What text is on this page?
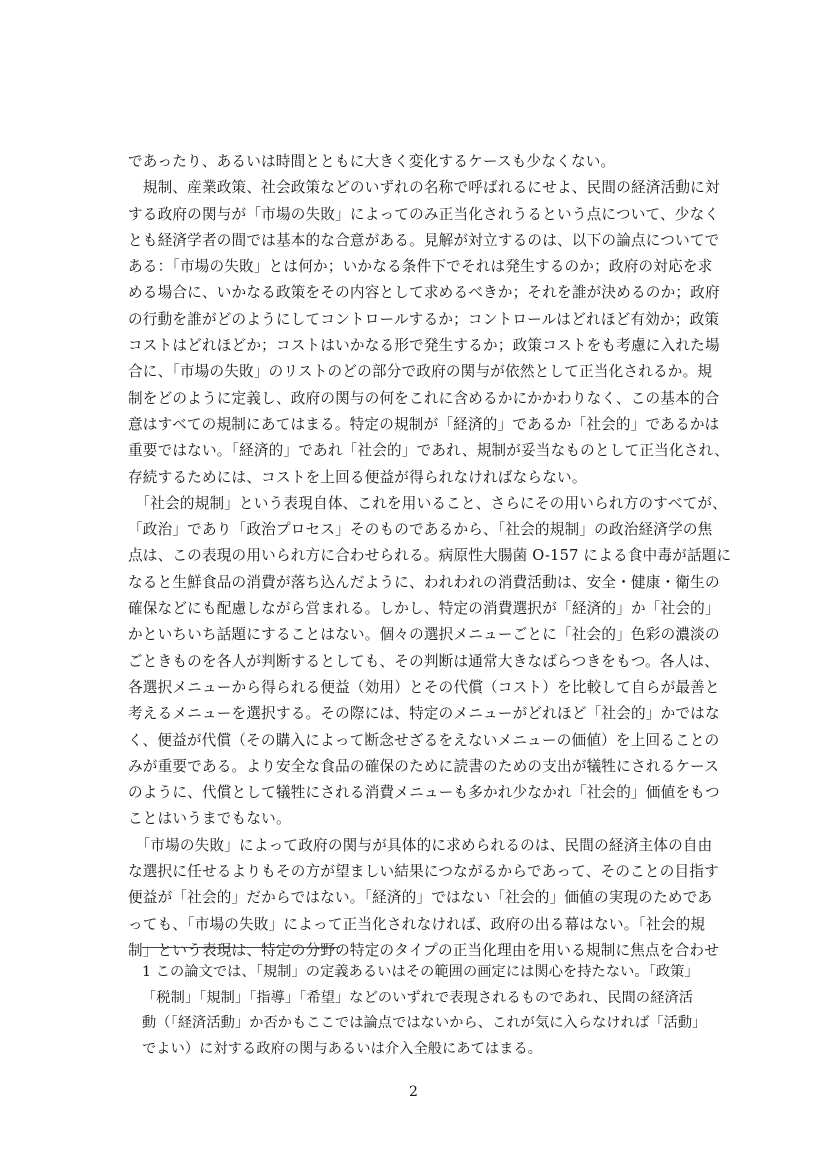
であったり、あるいは時間とともに大きく変化するケースも少なくない。
　規制、産業政策、社会政策などのいずれの名称で呼ばれるにせよ、民間の経済活動に対
する政府の関与が「市場の失敗」によってのみ正当化されうるという点について、少なく
とも経済学者の間では基本的な合意がある。見解が対立するのは、以下の論点についてで
ある：「市場の失敗」とは何か；いかなる条件下でそれは発生するのか；政府の対応を求
める場合に、いかなる政策をその内容として求めるべきか；それを誰が決めるのか；政府
の行動を誰がどのようにしてコントロールするか；コントロールはどれほど有効か；政策
コストはどれほどか；コストはいかなる形で発生するか；政策コストをも考慮に入れた場
合に、「市場の失敗」のリストのどの部分で政府の関与が依然として正当化されるか。規
制をどのように定義し、政府の関与の何をこれに含めるかにかかわりなく、この基本的合
意はすべての規制にあてはまる。特定の規制が「経済的」であるか「社会的」であるかは
重要ではない。「経済的」であれ「社会的」であれ、規制が妥当なものとして正当化され、
存続するためには、コストを上回る便益が得られなければならない。
　「社会的規制」という表現自体、これを用いること、さらにその用いられ方のすべてが、
「政治」であり「政治プロセス」そのものであるから、「社会的規制」の政治経済学の焦
点は、この表現の用いられ方に合わせられる。病原性大腸菌 O-157 による食中毒が話題に
なると生鮮食品の消費が落ち込んだように、われわれの消費活動は、安全・健康・衛生の
確保などにも配慮しながら営まれる。しかし、特定の消費選択が「経済的」か「社会的」
かといちいち話題にすることはない。個々の選択メニューごとに「社会的」色彩の濃淡の
ごときものを各人が判断するとしても、その判断は通常大きなばらつきをもつ。各人は、
各選択メニューから得られる便益（効用）とその代償（コスト）を比較して自らが最善と
考えるメニューを選択する。その際には、特定のメニューがどれほど「社会的」かではな
く、便益が代償（その購入によって断念せざるをえないメニューの価値）を上回ることの
みが重要である。より安全な食品の確保のために読書のための支出が犠牲にされるケース
のように、代償として犠牲にされる消費メニューも多かれ少なかれ「社会的」価値をもつ
ことはいうまでもない。
　「市場の失敗」によって政府の関与が具体的に求められるのは、民間の経済主体の自由
な選択に任せるよりもその方が望ましい結果につながるからであって、そのことの目指す
便益が「社会的」だからではない。「経済的」ではない「社会的」価値の実現のためであ
っても、「市場の失敗」によって正当化されなければ、政府の出る幕はない。「社会的規
制」という表現は、特定の分野の特定のタイプの正当化理由を用いる規制に焦点を合わせ
1 この論文では、「規制」の定義あるいはその範囲の画定には関心を持たない。「政策」
「税制」「規制」「指導」「希望」などのいずれで表現されるものであれ、民間の経済活
動（「経済活動」か否かもここでは論点ではないから、これが気に入らなければ「活動」
でよい）に対する政府の関与あるいは介入全般にあてはまる。
2
